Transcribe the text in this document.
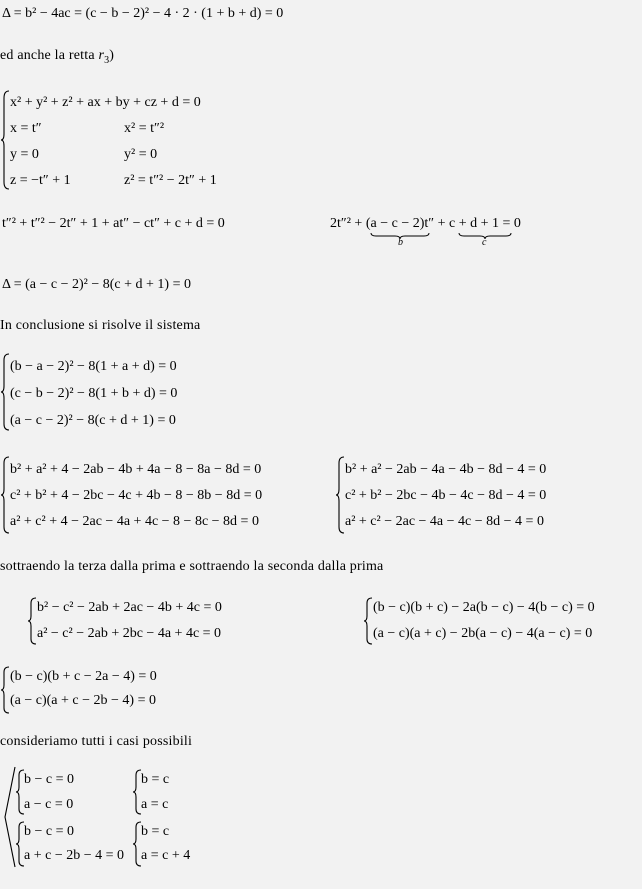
Δ = b² − 4ac = (c − b − 2)² − 4 · 2 · (1 + b + d) = 0
ed anche la retta $r_3$)
x² + y² + z² + ax + by + cz + d = 0
x = t″	x² = t″²
y = 0	y² = 0
z = −t″ + 1	z² = t″² − 2t″ + 1
t″² + t″² − 2t″ + 1 + at″ − ct″ + c + d = 0	2t″² + (a − c − 2)t″ + c + d + 1 = 0
b	c
Δ = (a − c − 2)² − 8(c + d + 1) = 0
In conclusione si risolve il sistema
(b − a − 2)² − 8(1 + a + d) = 0
(c − b − 2)² − 8(1 + b + d) = 0
(a − c − 2)² − 8(c + d + 1) = 0
b² + a² + 4 − 2ab − 4b + 4a − 8 − 8a − 8d = 0
c² + b² + 4 − 2bc − 4c + 4b − 8 − 8b − 8d = 0
a² + c² + 4 − 2ac − 4a + 4c − 8 − 8c − 8d = 0
b² + a² − 2ab − 4a − 4b − 8d − 4 = 0
c² + b² − 2bc − 4b − 4c − 8d − 4 = 0
a² + c² − 2ac − 4a − 4c − 8d − 4 = 0
sottraendo la terza dalla prima e sottraendo la seconda dalla prima
b² − c² − 2ab + 2ac − 4b + 4c = 0
a² − c² − 2ab + 2bc − 4a + 4c = 0
(b − c)(b + c) − 2a(b − c) − 4(b − c) = 0
(a − c)(a + c) − 2b(a − c) − 4(a − c) = 0
(b − c)(b + c − 2a − 4) = 0
(a − c)(a + c − 2b − 4) = 0
consideriamo tutti i casi possibili
b − c = 0
a − c = 0
b = c
a = c
b − c = 0
a + c − 2b − 4 = 0
b = c
a = c + 4
